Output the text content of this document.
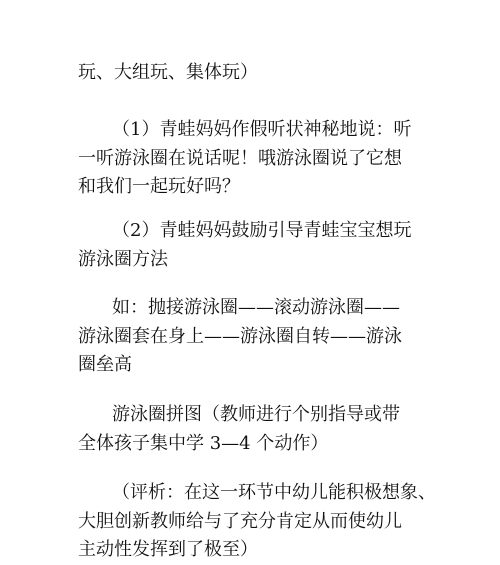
玩、大组玩、集体玩）
（1）青蛙妈妈作假听状神秘地说：听
一听游泳圈在说话呢！哦游泳圈说了它想
和我们一起玩好吗？
（2）青蛙妈妈鼓励引导青蛙宝宝想玩
游泳圈方法
如：抛接游泳圈——滚动游泳圈——
游泳圈套在身上——游泳圈自转——游泳
圈垒高
游泳圈拼图（教师进行个别指导或带
全体孩子集中学 3—4 个动作）
（评析：在这一环节中幼儿能积极想象、
大胆创新教师给与了充分肯定从而使幼儿
主动性发挥到了极至）
